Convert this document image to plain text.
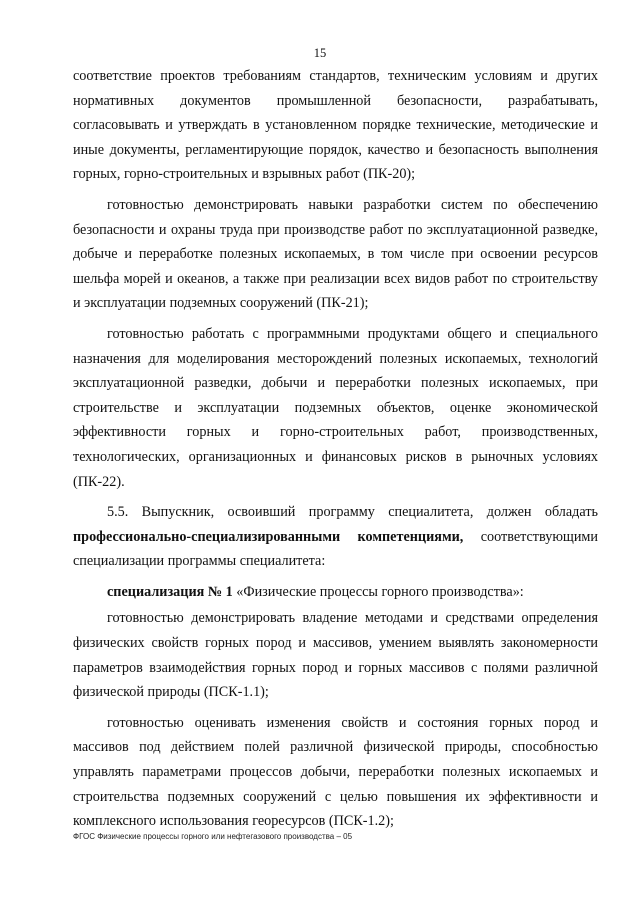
15

соответствие проектов требованиям стандартов, техническим условиям и других нормативных документов промышленной безопасности, разрабатывать, согласовывать и утверждать в установленном порядке технические, методические и иные документы, регламентирующие порядок, качество и безопасность выполнения горных, горно-строительных и взрывных работ (ПК-20);

готовностью демонстрировать навыки разработки систем по обеспечению безопасности и охраны труда при производстве работ по эксплуатационной разведке, добыче и переработке полезных ископаемых, в том числе при освоении ресурсов шельфа морей и океанов, а также при реализации всех видов работ по строительству и эксплуатации подземных сооружений (ПК-21);

готовностью работать с программными продуктами общего и специального назначения для моделирования месторождений полезных ископаемых, технологий эксплуатационной разведки, добычи и переработки полезных ископаемых, при строительстве и эксплуатации подземных объектов, оценке экономической эффективности горных и горно-строительных работ, производственных, технологических, организационных и финансовых рисков в рыночных условиях (ПК-22).

5.5. Выпускник, освоивший программу специалитета, должен обладать профессионально-специализированными компетенциями, соответствующими специализации программы специалитета:

специализация № 1 «Физические процессы горного производства»:

готовностью демонстрировать владение методами и средствами определения физических свойств горных пород и массивов, умением выявлять закономерности параметров взаимодействия горных пород и горных массивов с полями различной физической природы (ПСК-1.1);

готовностью оценивать изменения свойств и состояния горных пород и массивов под действием полей различной физической природы, способностью управлять параметрами процессов добычи, переработки полезных ископаемых и строительства подземных сооружений с целью повышения их эффективности и комплексного использования георесурсов (ПСК-1.2);

ФГОС Физические процессы горного или нефтегазового производства – 05
